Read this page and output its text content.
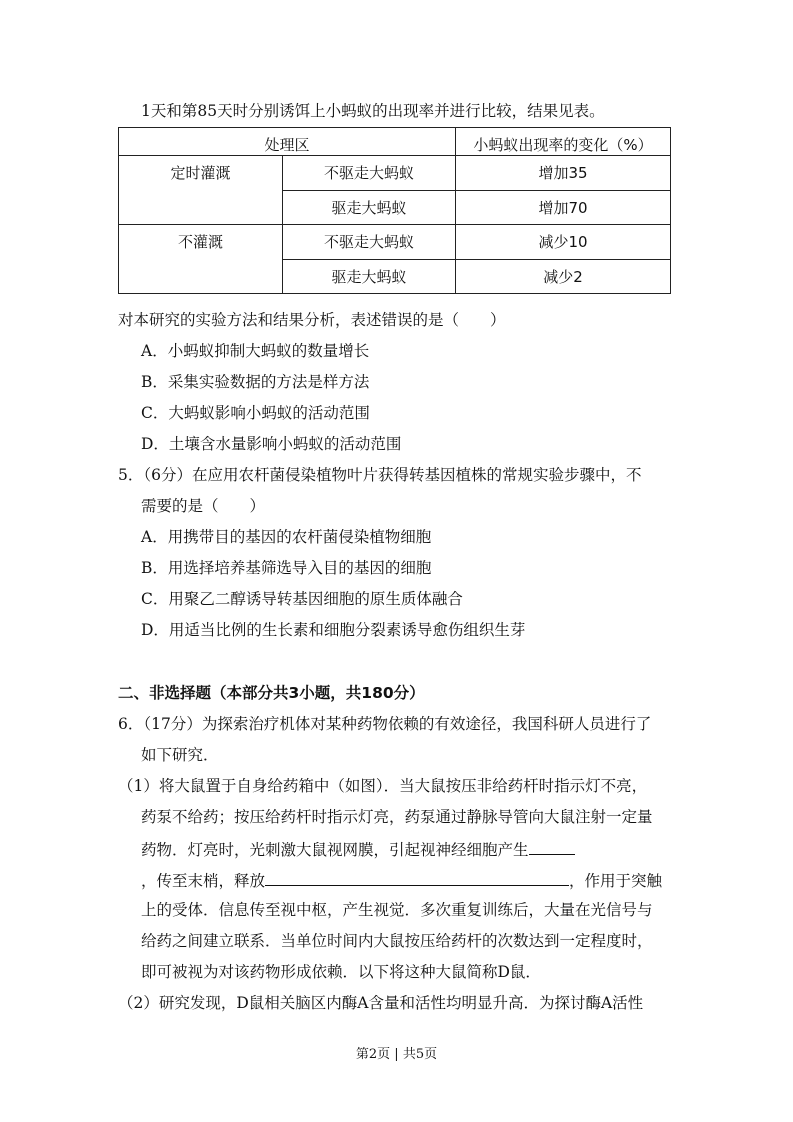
1天和第85天时分别诱饵上小蚂蚁的出现率并进行比较，结果见表。
处理区		小蚂蚁出现率的变化（%）
定时灌溉	不驱走大蚂蚁	增加35
	驱走大蚂蚁	增加70
不灌溉	不驱走大蚂蚁	减少10
	驱走大蚂蚁	减少2
对本研究的实验方法和结果分析，表述错误的是（　　）
A．小蚂蚁抑制大蚂蚁的数量增长
B．采集实验数据的方法是样方法
C．大蚂蚁影响小蚂蚁的活动范围
D．土壤含水量影响小蚂蚁的活动范围
5．（6分）在应用农杆菌侵染植物叶片获得转基因植株的常规实验步骤中，不
需要的是（　　）
A．用携带目的基因的农杆菌侵染植物细胞
B．用选择培养基筛选导入目的基因的细胞
C．用聚乙二醇诱导转基因细胞的原生质体融合
D．用适当比例的生长素和细胞分裂素诱导愈伤组织生芽
二、非选择题（本部分共3小题，共180分）
6．（17分）为探索治疗机体对某种药物依赖的有效途径，我国科研人员进行了
如下研究．
（1）将大鼠置于自身给药箱中（如图）．当大鼠按压非给药杆时指示灯不亮，
药泵不给药；按压给药杆时指示灯亮，药泵通过静脉导管向大鼠注射一定量
药物．灯亮时，光刺激大鼠视网膜，引起视神经细胞产生
，传至末梢，释放	，作用于突触
上的受体．信息传至视中枢，产生视觉．多次重复训练后，大量在光信号与
给药之间建立联系．当单位时间内大鼠按压给药杆的次数达到一定程度时，
即可被视为对该药物形成依赖．以下将这种大鼠简称D鼠．
（2）研究发现，D鼠相关脑区内酶A含量和活性均明显升高．为探讨酶A活性
第2页 | 共5页
